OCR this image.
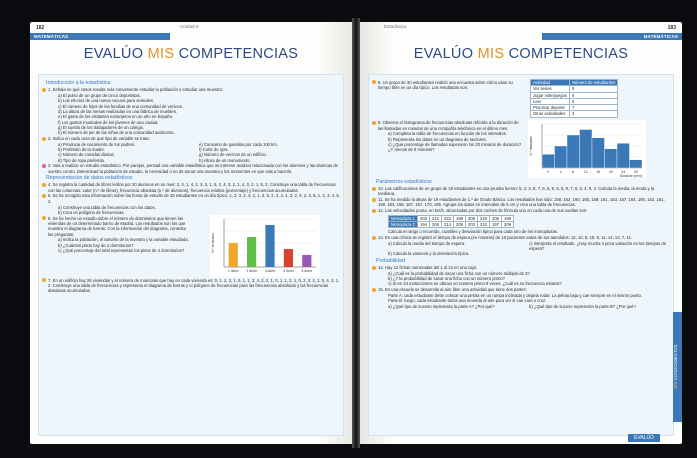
182	Unidad 9
MATEMÁTICAS
EVALÚO MIS COMPETENCIAS
Introducción a la estadística
1. Señala en qué casos resulta más conveniente estudiar la población o estudiar una muestra:
a) El pulso de un grupo de cinco deportistas.
b) Los efectos de una nueva vacuna para animales.
c) El número de hijos de las familias de una comunidad de vecinos.
d) La altura de las mesas realizadas en una fábrica de muebles.
e) El gasto de los visitantes extranjeros en un año en España.
f) Los gustos musicales de los jóvenes de una ciudad.
g) El sueldo de los trabajadores de un colegio.
h) El número de pie de las niñas de una comunidad autónoma.
2. Indica en cada caso de qué tipo de variable se trata:
a) Provincia de nacimiento de tus padres.	e) Consumo de gasolina por cada 100 km.
b) Profesión de la madre.	f) Color de ojos.
c) Número de comidas diarias.	g) Número de vecinos de un edificio.
d) Tipo de ropa preferida.	h) Altura de un monumento.
3. Vais a realizar un estudio estadístico. Por parejas, pensad una variable estadística que os interese analizar relacionada con los alumnos y las alumnas de vuestro centro. Determinad la población de estudio, la necesidad o no de tomar una muestra y los momentos en que vais a hacerlo.
Representación de datos estadísticos
4. Se registra la cantidad de libros leídos por 20 alumnos en un mes: 2, 3, 1, 4, 2, 3, 3, 1, 5, 2, 4, 3, 2, 1, 4, 3, 2, 1, 5, 3. Construye una tabla de frecuencias con las columnas: valor (n.º de libros), frecuencia absoluta (n.º de alumnos), frecuencia relativa (porcentaje) y frecuencias acumuladas.
5. Se ha recogido esta información sobre las horas de estudio de 25 estudiantes en un día típico: 1, 2, 3, 2, 4, 2, 1, 3, 5, 2, 3, 4, 1, 3, 2, 4, 2, 3, 5, 1, 2, 3, 4, 5, 2.
a) Construye una tabla de frecuencias con los datos.
b) Crea un polígono de frecuencias.
6. Se ha hecho un estudio sobre el número de dormitorios que tienen las viviendas de un determinado barrio de Madrid. Los resultados son los que muestra el diagrama de barras. Con la información del diagrama, contesta las preguntas:
a) Indica la población, el tamaño de la muestra y la variable estudiada.
b) ¿Cuántos pisos hay de 2 dormitorios?
c) ¿Qué porcentaje del total representan los pisos de 4 dormitorios?
1 dorm 2 dorm 3 dorm 4 dorm 5 dorm
N.º viviendas
7. En un edificio hay 28 viviendas y el número de mascotas que hay en cada vivienda es: 0, 1, 2, 3, 1, 0, 1, 1, 3, 4, 2, 2, 1, 0, 1, 1, 2, 1, 0, 2, 3, 2, 1, 0, 4, 3, 1, 2. Construye una tabla de frecuencias y representa el diagrama de barras y el polígono de frecuencias para las frecuencias absolutas y las frecuencias absolutas acumuladas.
Estadística	183
MATEMÁTICAS
EVALÚO MIS COMPETENCIAS
8. Un grupo de 30 estudiantes realizó una encuesta sobre cómo usan su tiempo libre en un día típico. Los resultados son:
Actividad	Número de estudiantes
Ver series	9
Jugar videojuegos	6
Leer	5
Practicar deporte	7
Otras actividades	3
9. Observa el histograma de frecuencias absolutas referido a la duración de las llamadas en minutos de una compañía telefónica en el último mes.
a) Completa la tabla de frecuencias en función de los intervalos.
b) Representa los datos en un diagrama de sectores.
c) ¿Qué porcentaje de llamadas superaron los 20 minutos de duración? ¿Y menos de 8 minutos?
0	4	8	12	16	20	24	28
N.º llamadas
Duración (min)
Parámetros estadísticos
10. Las calificaciones de un grupo de 18 estudiantes en una prueba fueron: 5, 2, 3, 8, 7, 6, 5, 8, 6, 5, 9, 7, 6, 5, 4, 9, 4. Calcula la media, la moda y la mediana.
11. Se ha medido la altura de 19 estudiantes de 1.º de Grado Básico. Los resultados han sido: 158, 162, 160, 165, 159, 161, 163, 157, 164, 160, 162, 161, 159, 163, 158, 167, 167, 170, 165. Agrupa los datos en intervalos de 5 cm y crea una tabla de frecuencias.
12. Las velocidades punta, en km/h, alcanzadas por dos coches de fórmula uno en cada una de sus vueltas son:
Monoplaza 1	203	212	222	198	208	220	208	199
Monoplaza 2	194	206	214	208	203	210	197	209
Calcula el rango o recorrido, cuartiles y desviación típica para cada uno de los monoplazas.
13. En una clínica se registró el tiempo de espera (en minutos) de 10 pacientes antes de ser atendidos: 12, 10, 8, 15, 9, 11, 14, 13, 7, 11.
a) Calcula la media del tiempo de espera.	c) Interpreta el resultado. ¿Hay mucha o poca variación en los tiempos de espera?
b) Calcula la varianza y la desviación típica.
Probabilidad
14. Hay 12 fichas numeradas del 1 al 12 en una caja:
a) ¿Cuál es la probabilidad de sacar una ficha con un número múltiplo de 3?
b) ¿Y la probabilidad de sacar una ficha con un número primo?
c) Si en 24 extracciones se obtuvo un número primo 9 veces, ¿cuál es su frecuencia relativa?
15. En una escuela se desarrolla al aire libre una actividad que tiene dos partes:
Parte A: cada estudiante debe colocar una pelota en un rampa inclinada y dejarla rodar. La pelota baja y cae siempre en el mismo punto.
Parte B: luego, cada estudiante lanza una moneda al aire para ver si cae cara o cruz.
a) ¿Qué tipo de suceso representa la parte A? ¿Por qué?	b) ¿Qué tipo de suceso representa la parte B? ¿Por qué?
MIS CONOCIMIENTOS
EVALÚO
